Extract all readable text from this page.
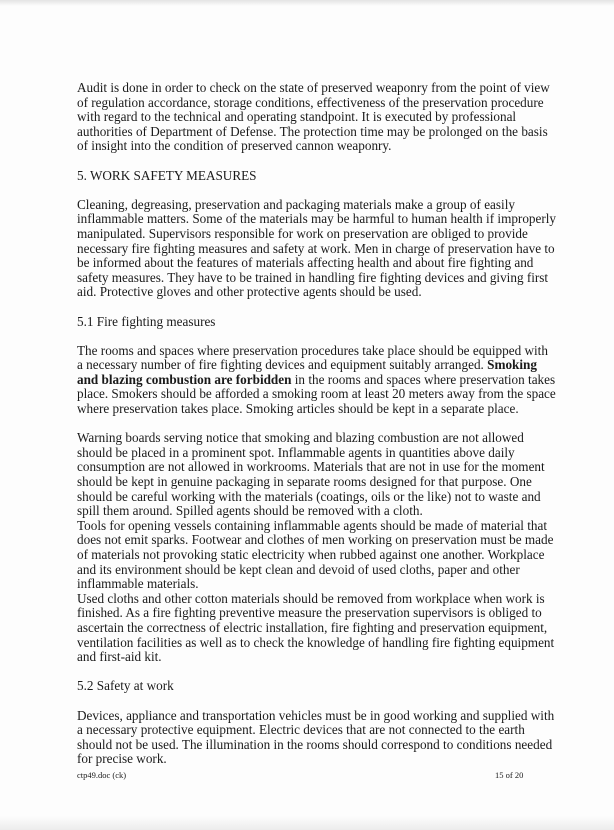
Audit is done in order to check on the state of preserved weaponry from the point of view of regulation accordance, storage conditions, effectiveness of the preservation procedure with regard to the technical and operating standpoint. It is executed by professional authorities of Department of Defense. The protection time may be prolonged on the basis of insight into the condition of preserved cannon weaponry.

5. WORK SAFETY MEASURES

Cleaning, degreasing, preservation and packaging materials make a group of easily inflammable matters. Some of the materials may be harmful to human health if improperly manipulated. Supervisors responsible for work on preservation are obliged to provide necessary fire fighting measures and safety at work. Men in charge of preservation have to be informed about the features of materials affecting health and about fire fighting and safety measures. They have to be trained in handling fire fighting devices and giving first aid. Protective gloves and other protective agents should be used.

5.1 Fire fighting measures

The rooms and spaces where preservation procedures take place should be equipped with a necessary number of fire fighting devices and equipment suitably arranged. Smoking and blazing combustion are forbidden in the rooms and spaces where preservation takes place. Smokers should be afforded a smoking room at least 20 meters away from the space where preservation takes place. Smoking articles should be kept in a separate place.

Warning boards serving notice that smoking and blazing combustion are not allowed should be placed in a prominent spot. Inflammable agents in quantities above daily consumption are not allowed in workrooms. Materials that are not in use for the moment should be kept in genuine packaging in separate rooms designed for that purpose. One should be careful working with the materials (coatings, oils or the like) not to waste and spill them around. Spilled agents should be removed with a cloth.

Tools for opening vessels containing inflammable agents should be made of material that does not emit sparks. Footwear and clothes of men working on preservation must be made of materials not provoking static electricity when rubbed against one another. Workplace and its environment should be kept clean and devoid of used cloths, paper and other inflammable materials.

Used cloths and other cotton materials should be removed from workplace when work is finished. As a fire fighting preventive measure the preservation supervisors is obliged to ascertain the correctness of electric installation, fire fighting and preservation equipment, ventilation facilities as well as to check the knowledge of handling fire fighting equipment and first-aid kit.

5.2 Safety at work

Devices, appliance and transportation vehicles must be in good working and supplied with a necessary protective equipment. Electric devices that are not connected to the earth should not be used. The illumination in the rooms should correspond to conditions needed for precise work.

ctp49.doc (ck)	15 of 20
